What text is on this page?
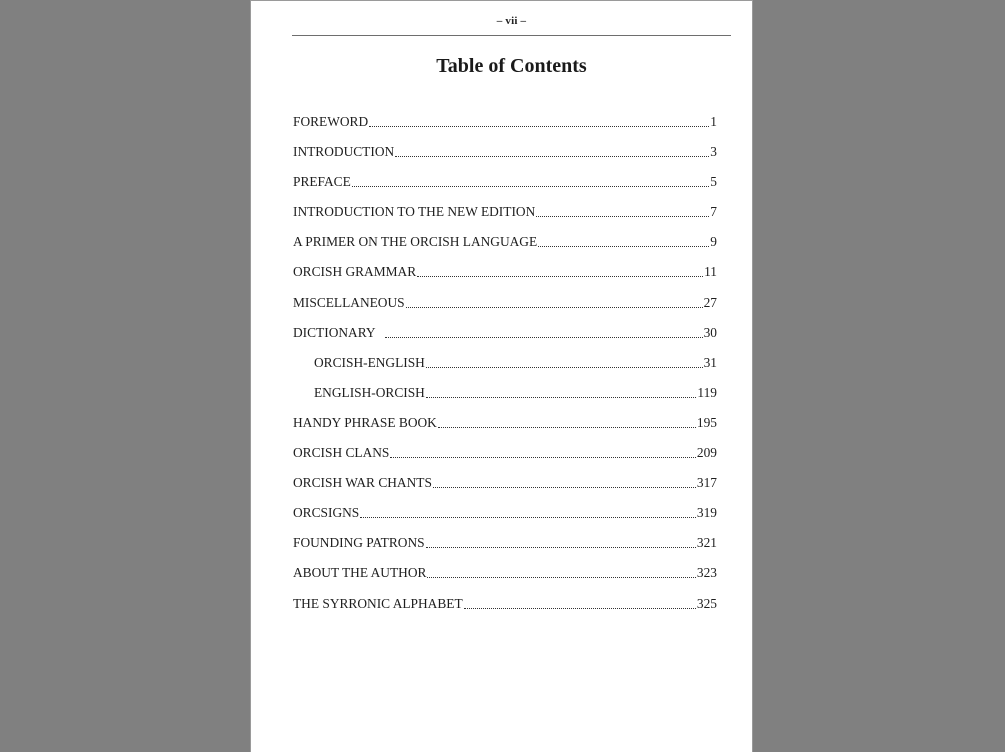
– vii –
Table of Contents
FOREWORD	1
INTRODUCTION	3
PREFACE	5
INTRODUCTION TO THE NEW EDITION	7
A PRIMER ON THE ORCISH LANGUAGE	9
ORCISH GRAMMAR	11
MISCELLANEOUS	27
DICTIONARY	30
ORCISH-ENGLISH	31
ENGLISH-ORCISH	119
HANDY PHRASE BOOK	195
ORCISH CLANS	209
ORCISH WAR CHANTS	317
ORCSIGNS	319
FOUNDING PATRONS	321
ABOUT THE AUTHOR	323
THE SYRRONIC ALPHABET	325
